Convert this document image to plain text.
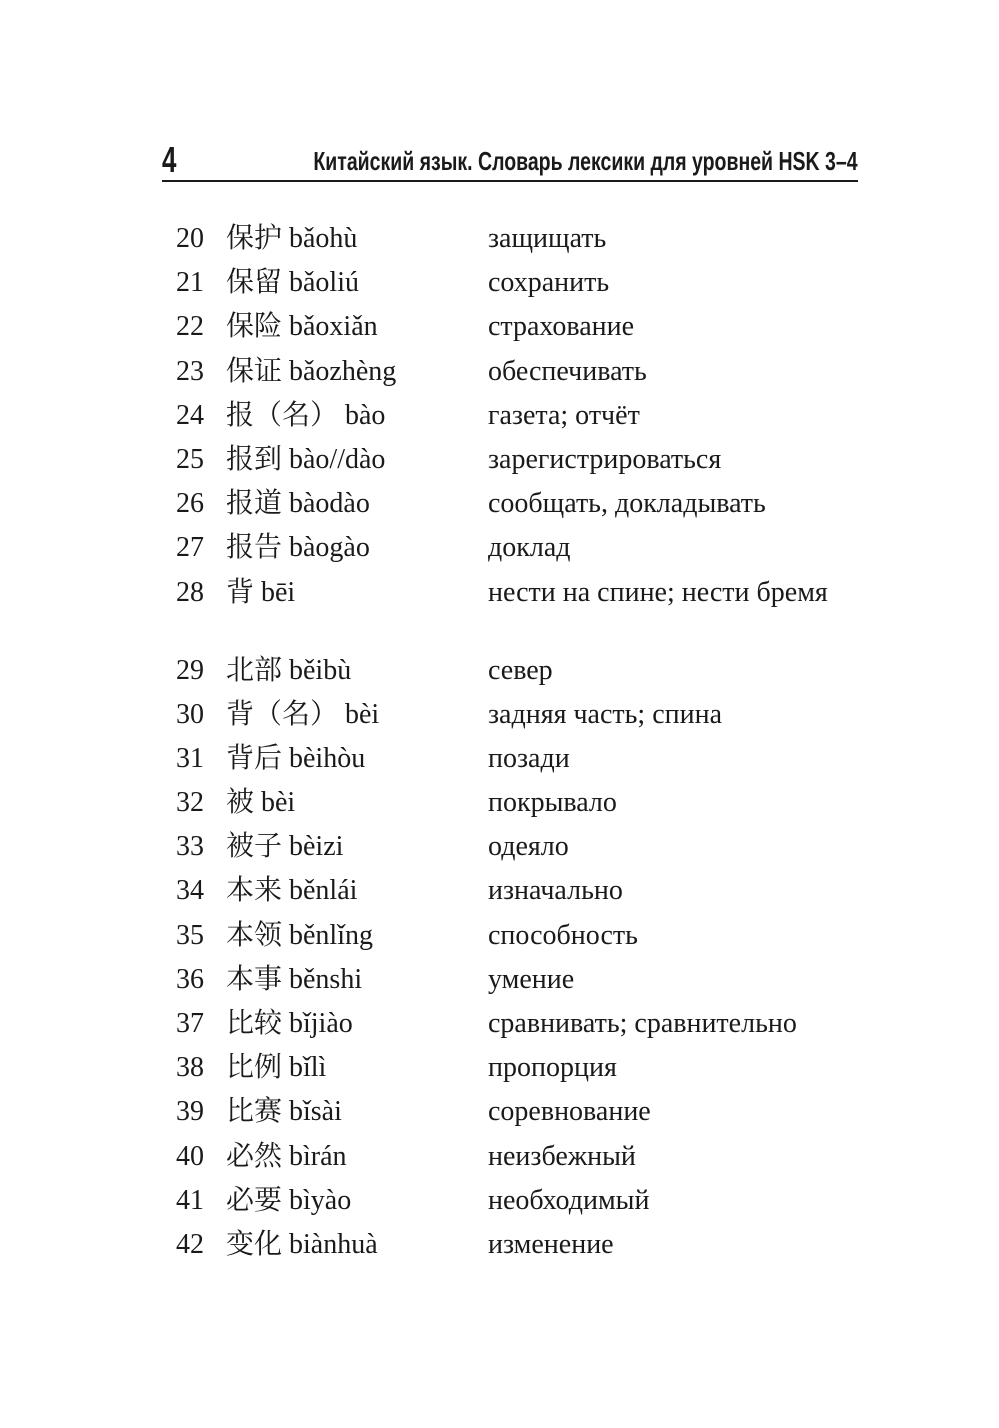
4	Китайский язык. Словарь лексики для уровней HSK 3–4
20 保护 bǎohù	защищать
21 保留 bǎoliú	сохранить
22 保险 bǎoxiǎn	страхование
23 保证 bǎozhèng	обеспечивать
24 报（名） bào	газета; отчёт
25 报到 bào//dào	зарегистрироваться
26 报道 bàodào	сообщать, докладывать
27 报告 bàogào	доклад
28 背 bēi	нести на спине; нести бремя
29 北部 běibù	север
30 背（名） bèi	задняя часть; спина
31 背后 bèihòu	позади
32 被 bèi	покрывало
33 被子 bèizi	одеяло
34 本来 běnlái	изначально
35 本领 běnlǐng	способность
36 本事 běnshi	умение
37 比较 bǐjiào	сравнивать; сравнительно
38 比例 bǐlì	пропорция
39 比赛 bǐsài	соревнование
40 必然 bìrán	неизбежный
41 必要 bìyào	необходимый
42 变化 biànhuà	изменение
